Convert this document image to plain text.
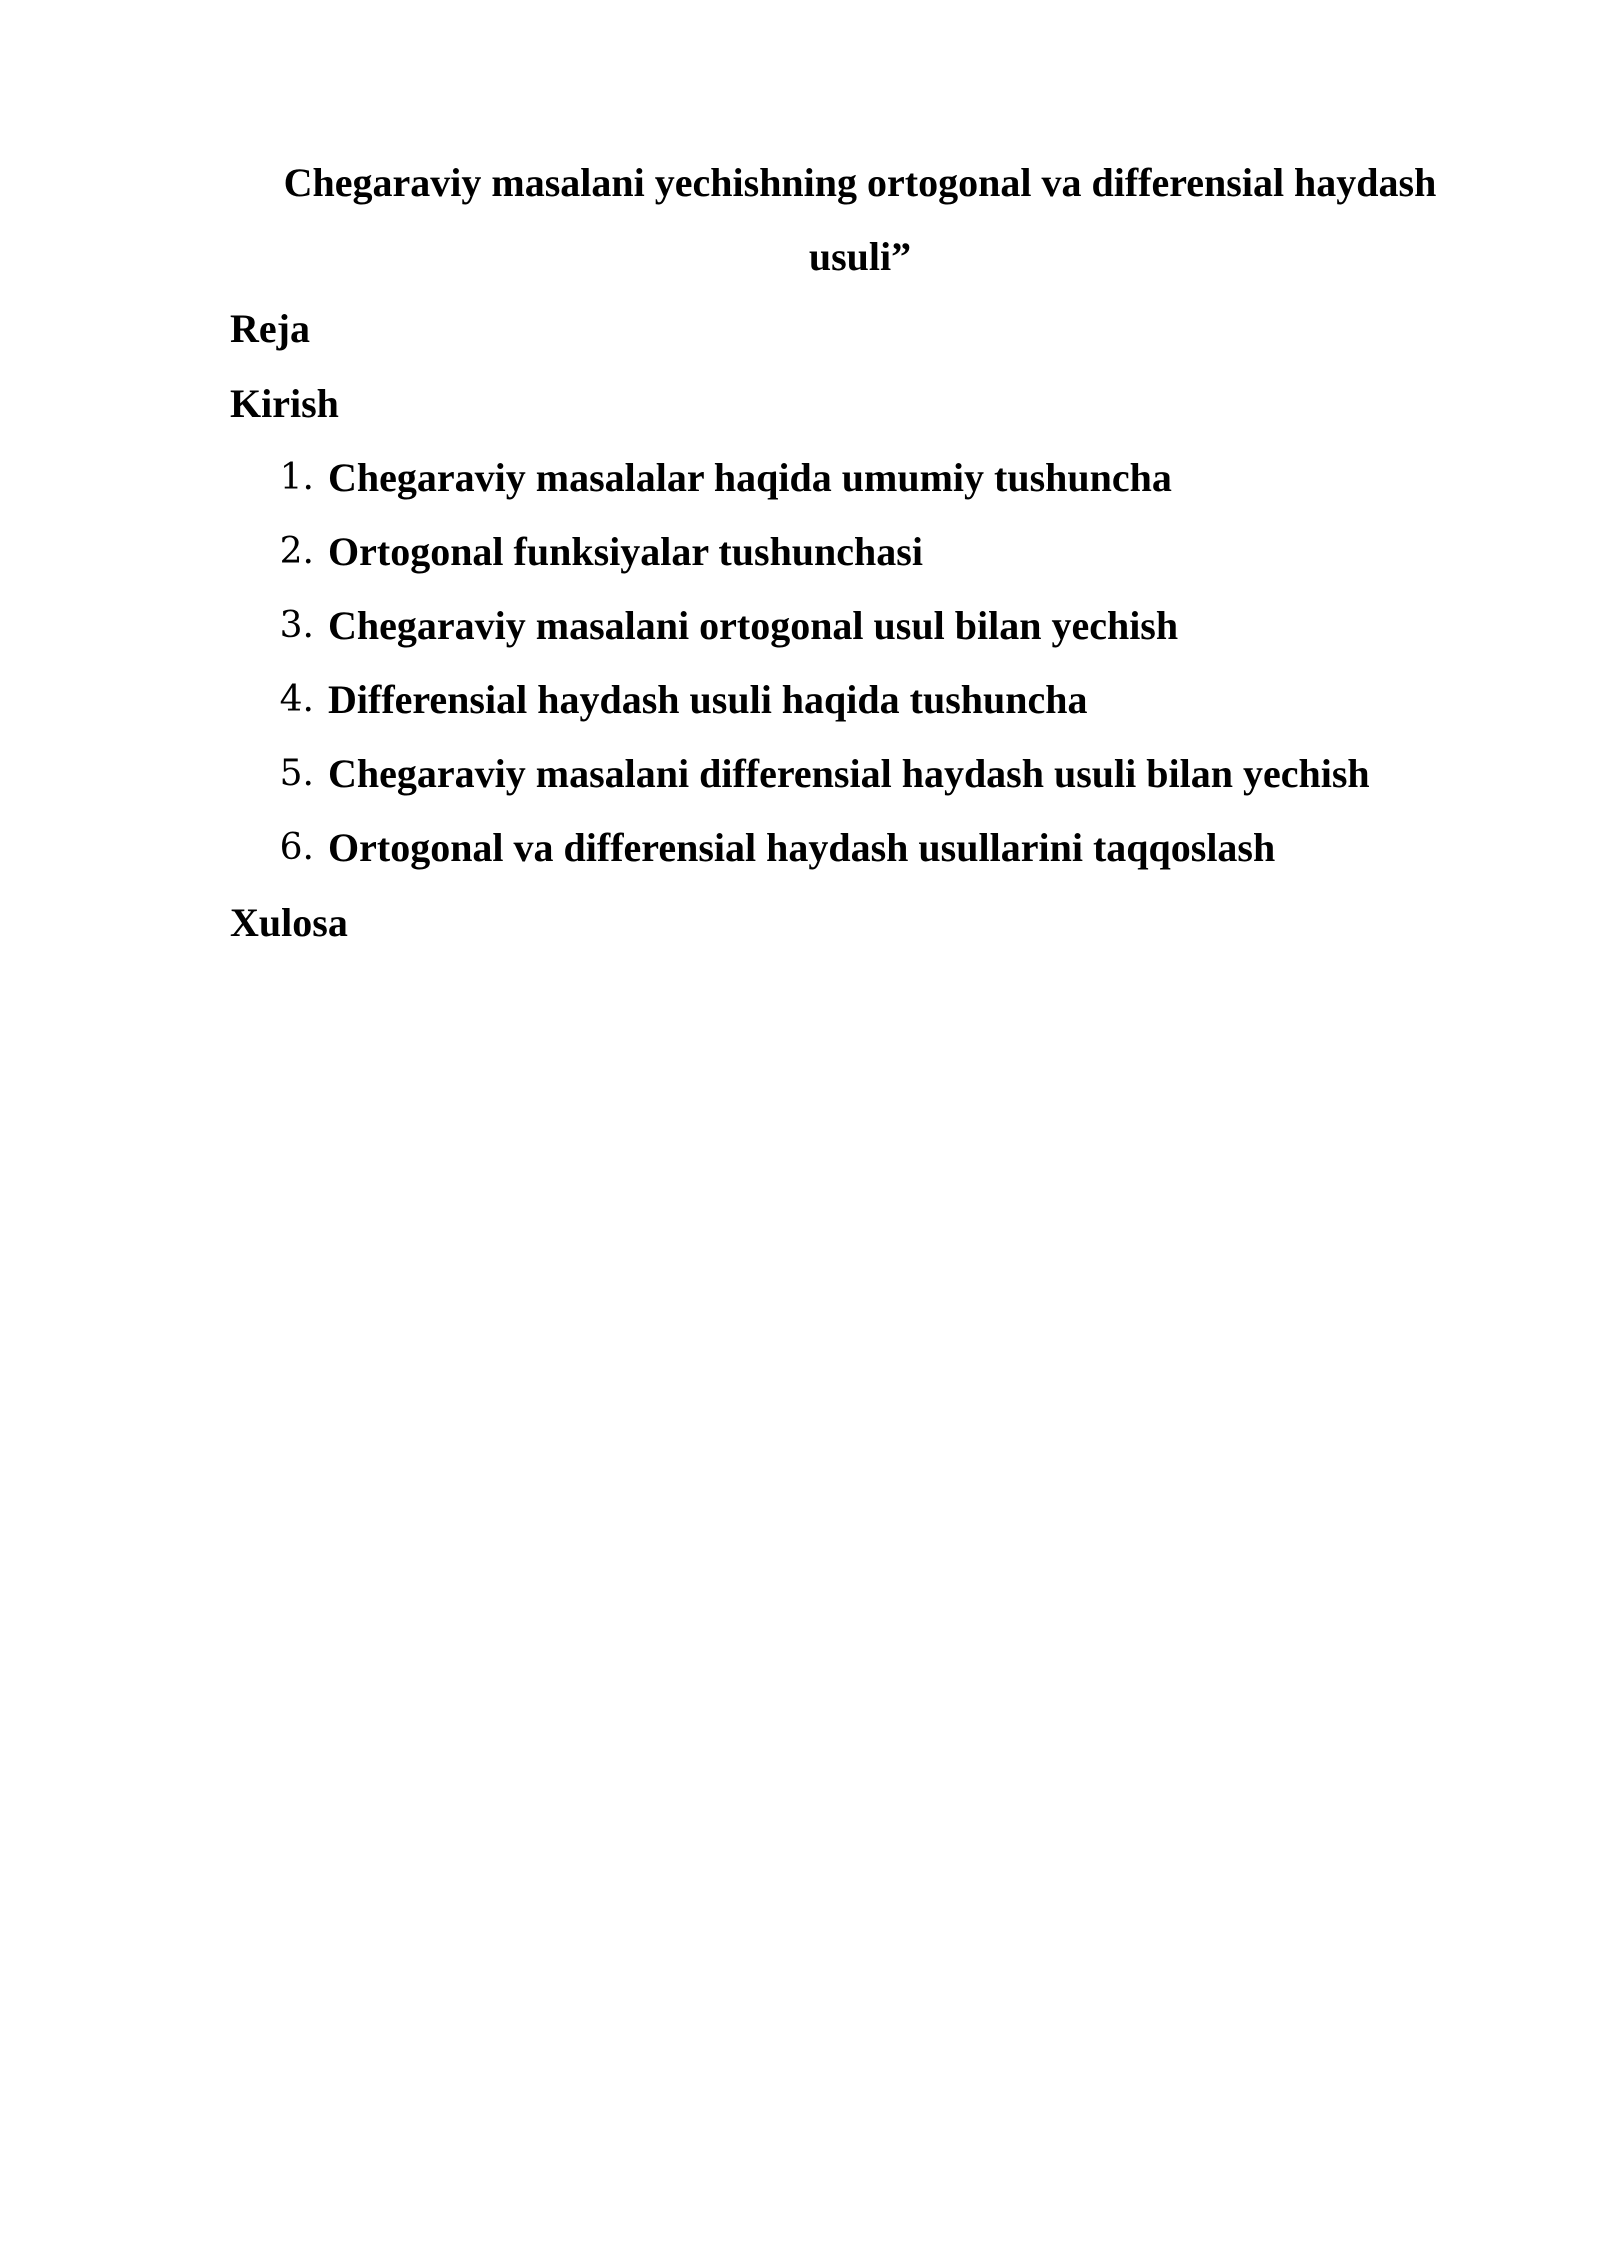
Chegaraviy masalani yechishning ortogonal va differensial haydash
usuli”
Reja
Kirish
1. Chegaraviy masalalar haqida umumiy tushuncha
2. Ortogonal funksiyalar tushunchasi
3. Chegaraviy masalani ortogonal usul bilan yechish
4. Differensial haydash usuli haqida tushuncha
5. Chegaraviy masalani differensial haydash usuli bilan yechish
6. Ortogonal va differensial haydash usullarini taqqoslash
Xulosa
